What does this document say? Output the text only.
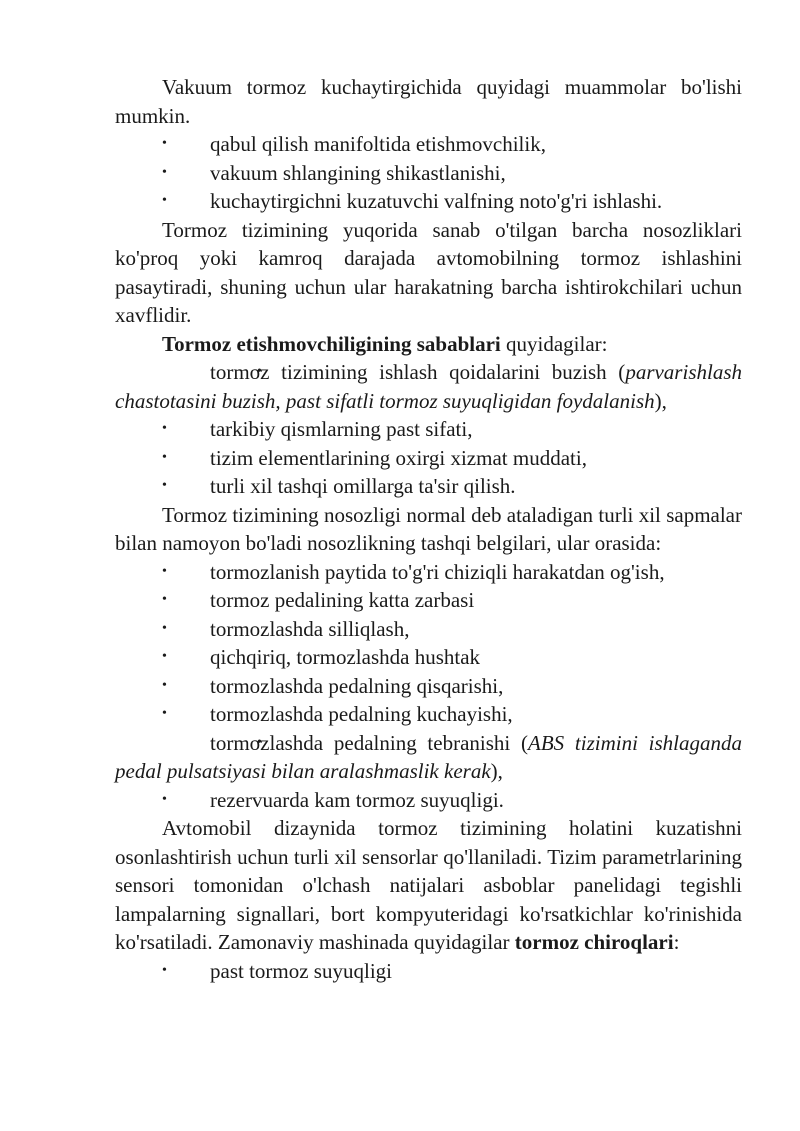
Vakuum tormoz kuchaytirgichida quyidagi muammolar bo'lishi mumkin.

• qabul qilish manifoltida etishmovchilik,

• vakuum shlangining shikastlanishi,

• kuchaytirgichni kuzatuvchi valfning noto'g'ri ishlashi.

Tormoz tizimining yuqorida sanab o'tilgan barcha nosozliklari ko'proq yoki kamroq darajada avtomobilning tormoz ishlashini pasaytiradi, shuning uchun ular harakatning barcha ishtirokchilari uchun xavflidir.

Tormoz etishmovchiligining sabablari quyidagilar:

• tormoz tizimining ishlash qoidalarini buzish (parvarishlash chastotasini buzish, past sifatli tormoz suyuqligidan foydalanish),

• tarkibiy qismlarning past sifati,

• tizim elementlarining oxirgi xizmat muddati,

• turli xil tashqi omillarga ta'sir qilish.

Tormoz tizimining nosozligi normal deb ataladigan turli xil sapmalar bilan namoyon bo'ladi nosozlikning tashqi belgilari, ular orasida:

• tormozlanish paytida to'g'ri chiziqli harakatdan og'ish,

• tormoz pedalining katta zarbasi

• tormozlashda silliqlash,

• qichqiriq, tormozlashda hushtak

• tormozlashda pedalning qisqarishi,

• tormozlashda pedalning kuchayishi,

• tormozlashda pedalning tebranishi (ABS tizimini ishlaganda pedal pulsatsiyasi bilan aralashmaslik kerak),

• rezervuarda kam tormoz suyuqligi.

Avtomobil dizaynida tormoz tizimining holatini kuzatishni osonlashtirish uchun turli xil sensorlar qo'llaniladi. Tizim parametrlarining sensori tomonidan o'lchash natijalari asboblar panelidagi tegishli lampalarning signallari, bort kompyuteridagi ko'rsatkichlar ko'rinishida ko'rsatiladi. Zamonaviy mashinada quyidagilar tormoz chiroqlari:

• past tormoz suyuqligi
